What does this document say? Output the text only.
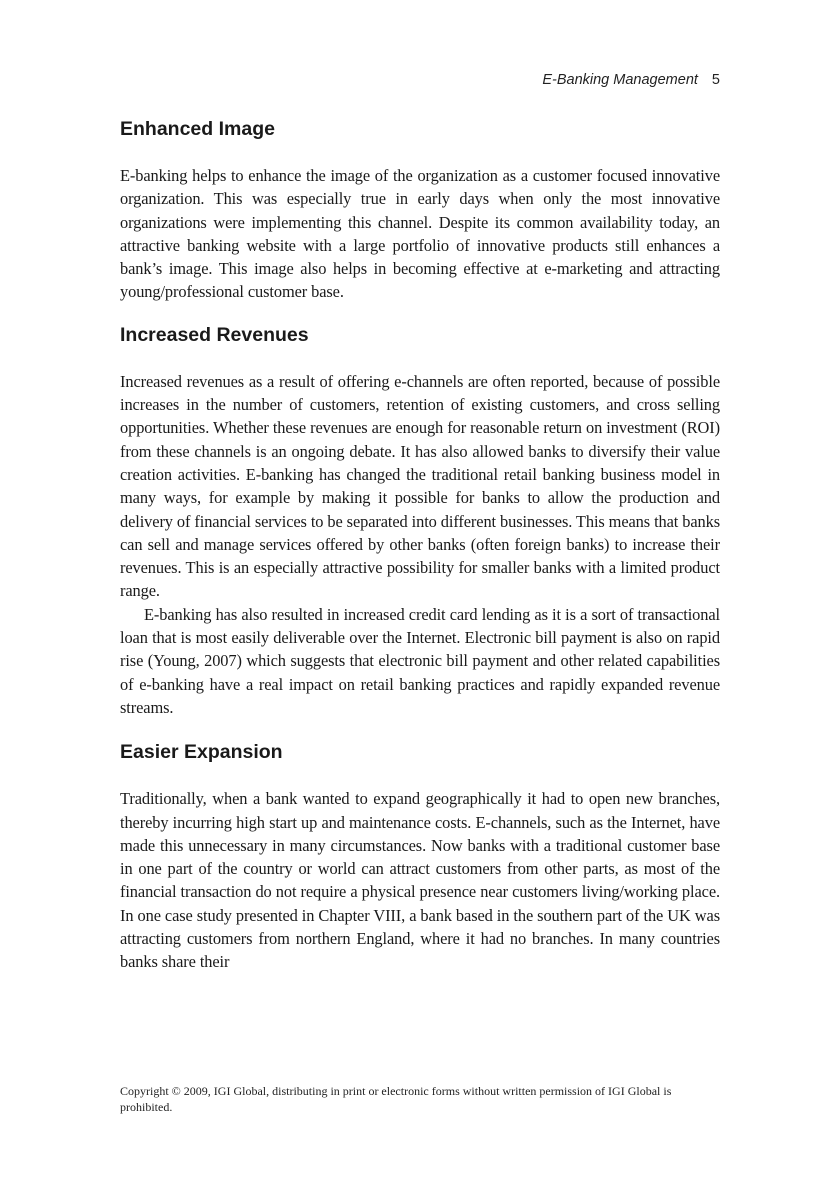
E-Banking Management 5
Enhanced Image

E-banking helps to enhance the image of the organization as a customer focused innovative organization. This was especially true in early days when only the most innovative organizations were implementing this channel. Despite its common availability today, an attractive banking website with a large portfolio of innovative products still enhances a bank’s image. This image also helps in becoming effective at e-marketing and attracting young/professional customer base.

Increased Revenues

Increased revenues as a result of offering e-channels are often reported, because of possible increases in the number of customers, retention of existing customers, and cross selling opportunities. Whether these revenues are enough for reasonable return on investment (ROI) from these channels is an ongoing debate. It has also allowed banks to diversify their value creation activities. E-banking has changed the traditional retail banking business model in many ways, for example by making it possible for banks to allow the production and delivery of financial services to be separated into different businesses. This means that banks can sell and manage services offered by other banks (often foreign banks) to increase their revenues. This is an especially attractive possibility for smaller banks with a limited product range.

E-banking has also resulted in increased credit card lending as it is a sort of transactional loan that is most easily deliverable over the Internet. Electronic bill payment is also on rapid rise (Young, 2007) which suggests that electronic bill payment and other related capabilities of e-banking have a real impact on retail banking practices and rapidly expanded revenue streams.

Easier Expansion

Traditionally, when a bank wanted to expand geographically it had to open new branches, thereby incurring high start up and maintenance costs. E-channels, such as the Internet, have made this unnecessary in many circumstances. Now banks with a traditional customer base in one part of the country or world can attract customers from other parts, as most of the financial transaction do not require a physical presence near customers living/working place. In one case study presented in Chapter VIII, a bank based in the southern part of the UK was attracting customers from northern England, where it had no branches. In many countries banks share their

Copyright © 2009, IGI Global, distributing in print or electronic forms without written permission of IGI Global is prohibited.
